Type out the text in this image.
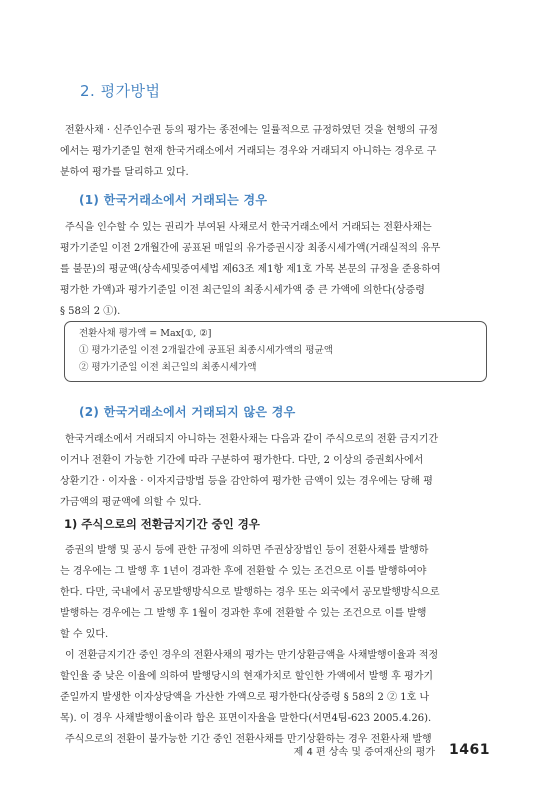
2. 평가방법
전환사채 · 신주인수권 등의 평가는 종전에는 일률적으로 규정하였던 것을 현행의 규정
에서는 평가기준일 현재 한국거래소에서 거래되는 경우와 거래되지 아니하는 경우로 구
분하여 평가를 달리하고 있다.
(1) 한국거래소에서 거래되는 경우
주식을 인수할 수 있는 권리가 부여된 사채로서 한국거래소에서 거래되는 전환사채는
평가기준일 이전 2개월간에 공표된 매일의 유가증권시장 최종시세가액(거래실적의 유무
를 불문)의 평균액(상속세및증여세법 제63조 제1항 제1호 가목 본문의 규정을 준용하여
평가한 가액)과 평가기준일 이전 최근일의 최종시세가액 중 큰 가액에 의한다(상증령
§ 58의 2 ①).
전환사채 평가액 = Max[①, ②]
① 평가기준일 이전 2개월간에 공표된 최종시세가액의 평균액
② 평가기준일 이전 최근일의 최종시세가액
(2) 한국거래소에서 거래되지 않은 경우
한국거래소에서 거래되지 아니하는 전환사채는 다음과 같이 주식으로의 전환 금지기간
이거나 전환이 가능한 기간에 따라 구분하여 평가한다. 다만, 2 이상의 증권회사에서
상환기간 · 이자율 · 이자지급방법 등을 감안하여 평가한 금액이 있는 경우에는 당해 평
가금액의 평균액에 의할 수 있다.
1) 주식으로의 전환금지기간 중인 경우
증권의 발행 및 공시 등에 관한 규정에 의하면 주권상장법인 등이 전환사채를 발행하
는 경우에는 그 발행 후 1년이 경과한 후에 전환할 수 있는 조건으로 이를 발행하여야
한다. 다만, 국내에서 공모발행방식으로 발행하는 경우 또는 외국에서 공모발행방식으로
발행하는 경우에는 그 발행 후 1월이 경과한 후에 전환할 수 있는 조건으로 이를 발행
할 수 있다.
이 전환금지기간 중인 경우의 전환사채의 평가는 만기상환금액을 사채발행이율과 적정
할인율 중 낮은 이율에 의하여 발행당시의 현재가치로 할인한 가액에서 발행 후 평가기
준일까지 발생한 이자상당액을 가산한 가액으로 평가한다(상증령 § 58의 2 ② 1호 나
목). 이 경우 사채발행이율이라 함은 표면이자율을 말한다(서면4팀-623 2005.4.26).
주식으로의 전환이 불가능한 기간 중인 전환사채를 만기상환하는 경우 전환사채 발행
제 4 편 상속 및 증여재산의 평가 1461
